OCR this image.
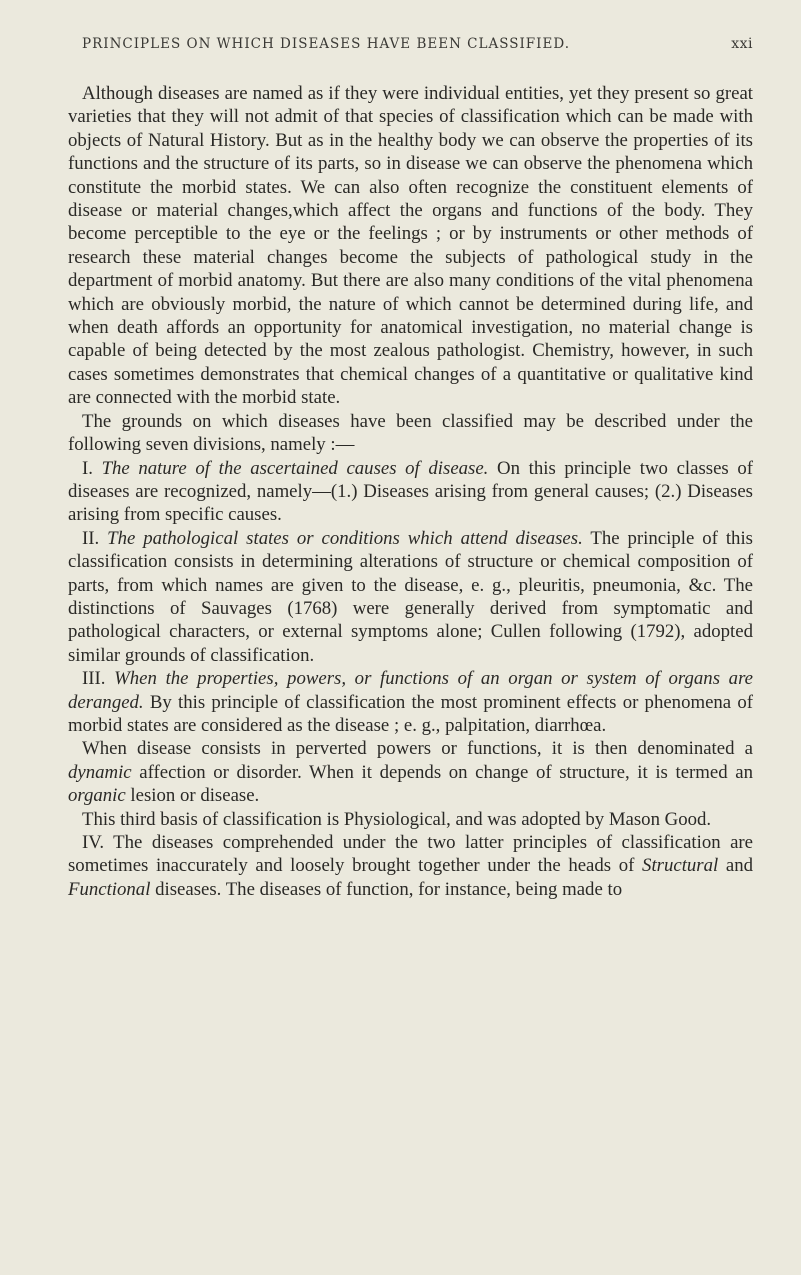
PRINCIPLES ON WHICH DISEASES HAVE BEEN CLASSIFIED.	xxi

Although diseases are named as if they were individual entities, yet they present so great varieties that they will not admit of that species of classification which can be made with objects of Natural History. But as in the healthy body we can observe the properties of its functions and the structure of its parts, so in disease we can observe the phenomena which constitute the morbid states. We can also often recognize the constituent elements of disease or material changes,which affect the organs and functions of the body. They become perceptible to the eye or the feelings ; or by instruments or other methods of research these material changes become the subjects of pathological study in the department of morbid anatomy. But there are also many conditions of the vital phenomena which are obviously morbid, the nature of which cannot be determined during life, and when death affords an opportunity for anatomical investigation, no material change is capable of being detected by the most zealous pathologist. Chemistry, however, in such cases sometimes demonstrates that chemical changes of a quantitative or qualitative kind are connected with the morbid state.

The grounds on which diseases have been classified may be described under the following seven divisions, namely :—

I. The nature of the ascertained causes of disease. On this principle two classes of diseases are recognized, namely—(1.) Diseases arising from general causes; (2.) Diseases arising from specific causes.

II. The pathological states or conditions which attend diseases. The principle of this classification consists in determining alterations of structure or chemical composition of parts, from which names are given to the disease, e. g., pleuritis, pneumonia, &c. The distinctions of Sauvages (1768) were generally derived from symptomatic and pathological characters, or external symptoms alone; Cullen following (1792), adopted similar grounds of classification.

III. When the properties, powers, or functions of an organ or system of organs are deranged. By this principle of classification the most prominent effects or phenomena of morbid states are considered as the disease ; e. g., palpitation, diarrhœa.

When disease consists in perverted powers or functions, it is then denominated a dynamic affection or disorder. When it depends on change of structure, it is termed an organic lesion or disease.

This third basis of classification is Physiological, and was adopted by Mason Good.

IV. The diseases comprehended under the two latter principles of classification are sometimes inaccurately and loosely brought together under the heads of Structural and Functional diseases. The diseases of function, for instance, being made to
